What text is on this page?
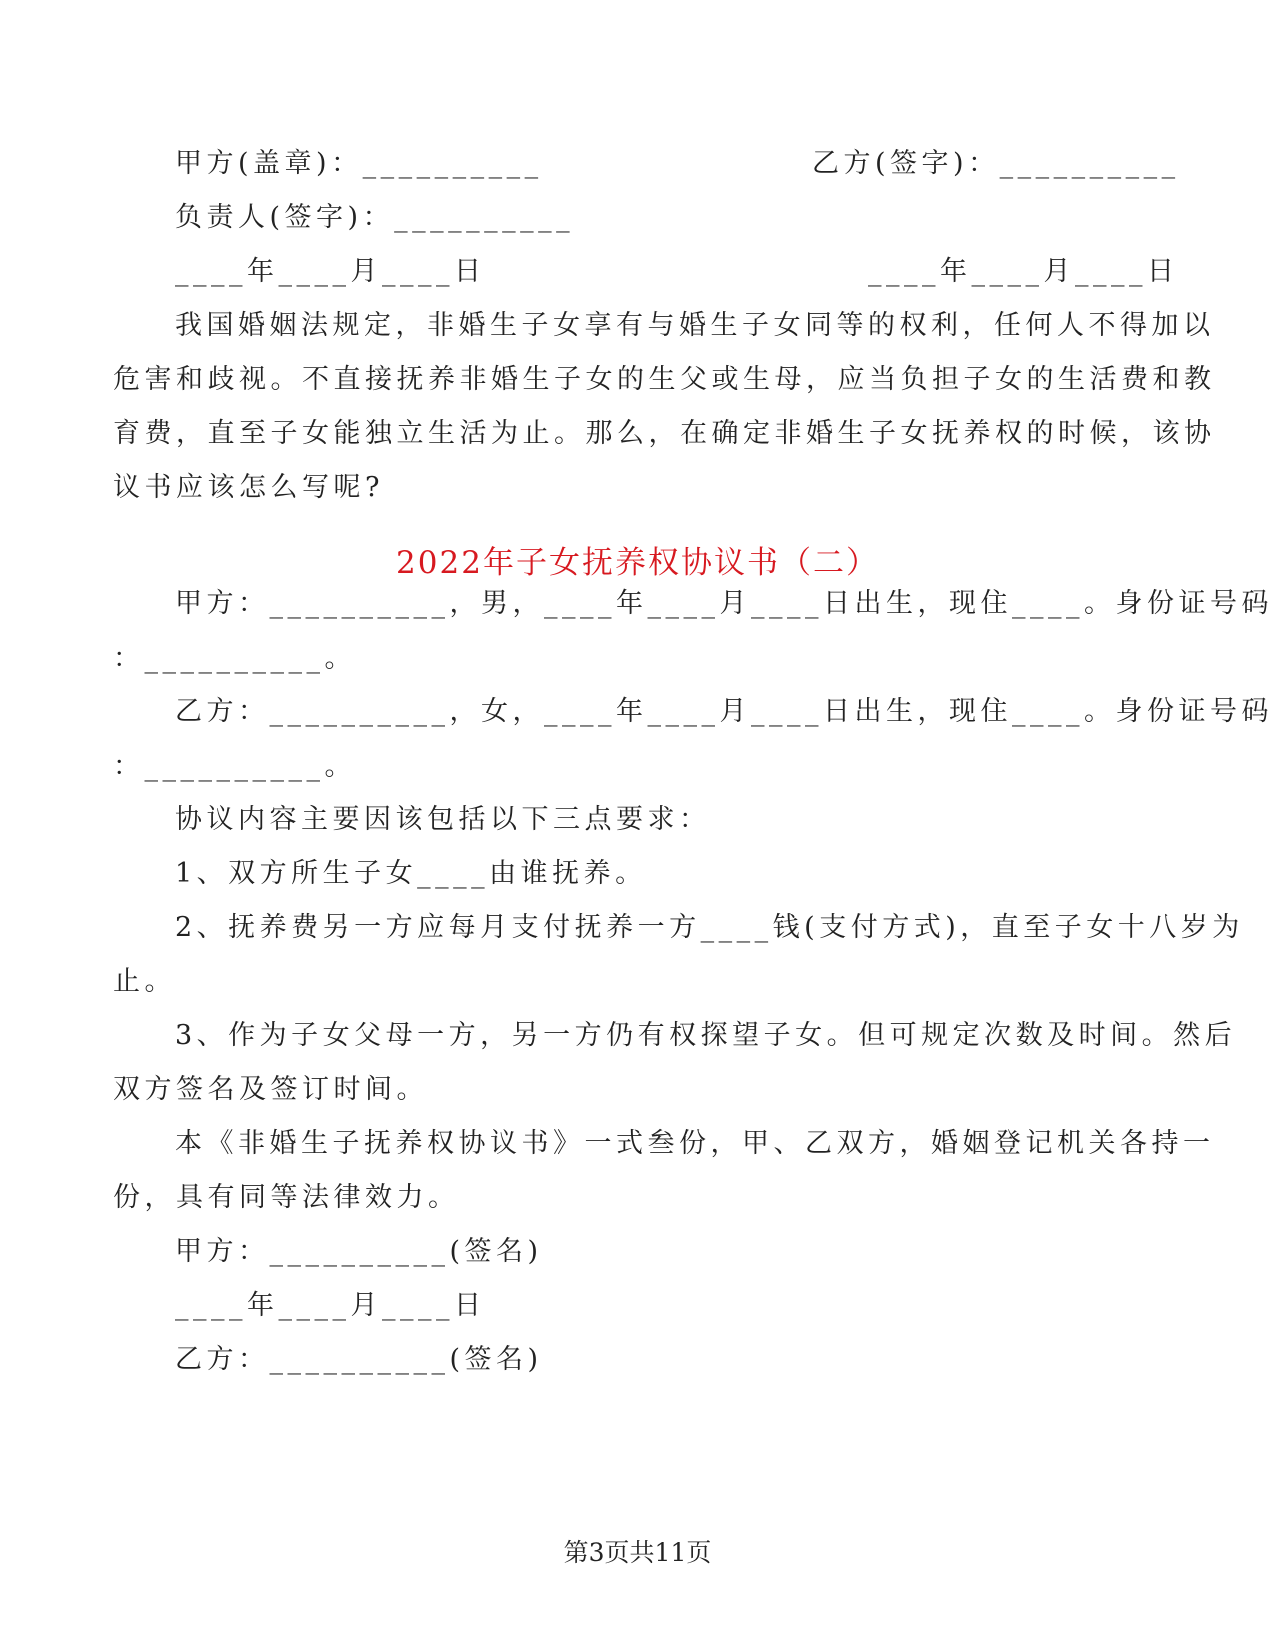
甲方(盖章)：__________	乙方(签字)：__________
负责人(签字)：__________
____年____月____日	____年____月____日
我国婚姻法规定，非婚生子女享有与婚生子女同等的权利，任何人不得加以
危害和歧视。不直接抚养非婚生子女的生父或生母，应当负担子女的生活费和教
育费，直至子女能独立生活为止。那么，在确定非婚生子女抚养权的时候，该协
议书应该怎么写呢?
2022年子女抚养权协议书（二）
甲方：__________，男，____年____月____日出生，现住____。身份证号码
：__________。
乙方：__________，女，____年____月____日出生，现住____。身份证号码
：__________。
协议内容主要因该包括以下三点要求：
1、双方所生子女____由谁抚养。
2、抚养费另一方应每月支付抚养一方____钱(支付方式)，直至子女十八岁为
止。
3、作为子女父母一方，另一方仍有权探望子女。但可规定次数及时间。然后
双方签名及签订时间。
本《非婚生子抚养权协议书》一式叁份，甲、乙双方，婚姻登记机关各持一
份，具有同等法律效力。
甲方：__________(签名)
____年____月____日
乙方：__________(签名)
第3页共11页
